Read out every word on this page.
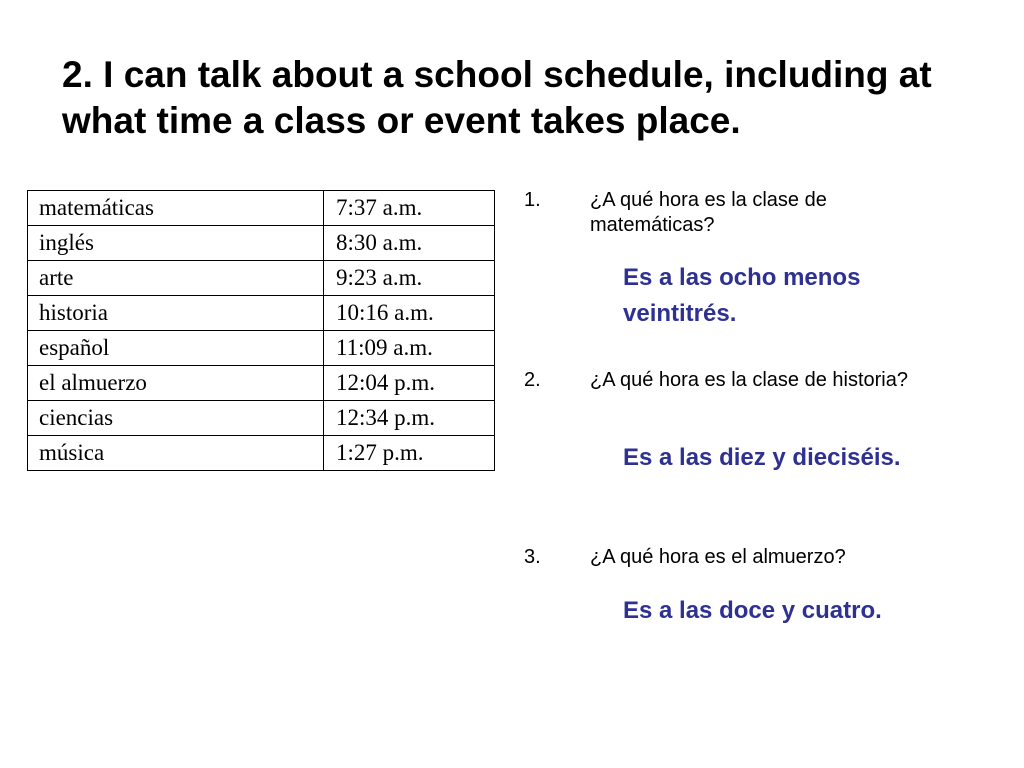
2. I can talk about a school schedule, including at what time a class or event takes place.
matemáticas	7:37 a.m.
inglés	8:30 a.m.
arte	9:23 a.m.
historia	10:16 a.m.
español	11:09 a.m.
el almuerzo	12:04 p.m.
ciencias	12:34 p.m.
música	1:27 p.m.
1. ¿A qué hora es la clase de matemáticas?
Es a las ocho menos veintitrés.
2. ¿A qué hora es la clase de historia?
Es a las diez y dieciséis.
3. ¿A qué hora es el almuerzo?
Es a las doce y cuatro.
